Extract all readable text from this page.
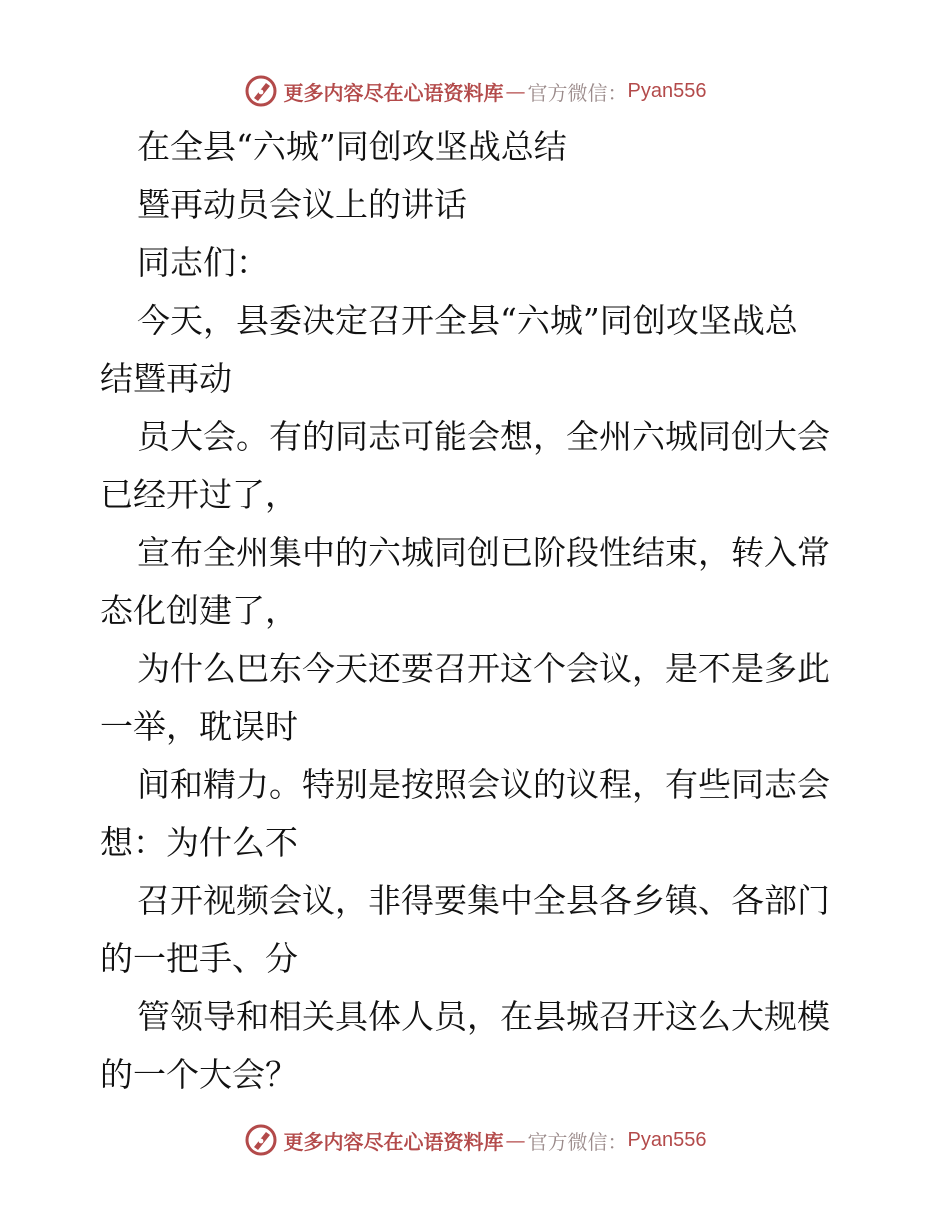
更多内容尽在心语资料库 — 官方微信： Pyan556
在全县“六城”同创攻坚战总结
暨再动员会议上的讲话
同志们：
今天，县委决定召开全县“六城”同创攻坚战总
结暨再动
员大会。有的同志可能会想，全州六城同创大会
已经开过了，
宣布全州集中的六城同创已阶段性结束，转入常
态化创建了，
为什么巴东今天还要召开这个会议，是不是多此
一举，耽误时
间和精力。特别是按照会议的议程，有些同志会
想：为什么不
召开视频会议，非得要集中全县各乡镇、各部门
的一把手、分
管领导和相关具体人员，在县城召开这么大规模
的一个大会？
更多内容尽在心语资料库 — 官方微信： Pyan556
